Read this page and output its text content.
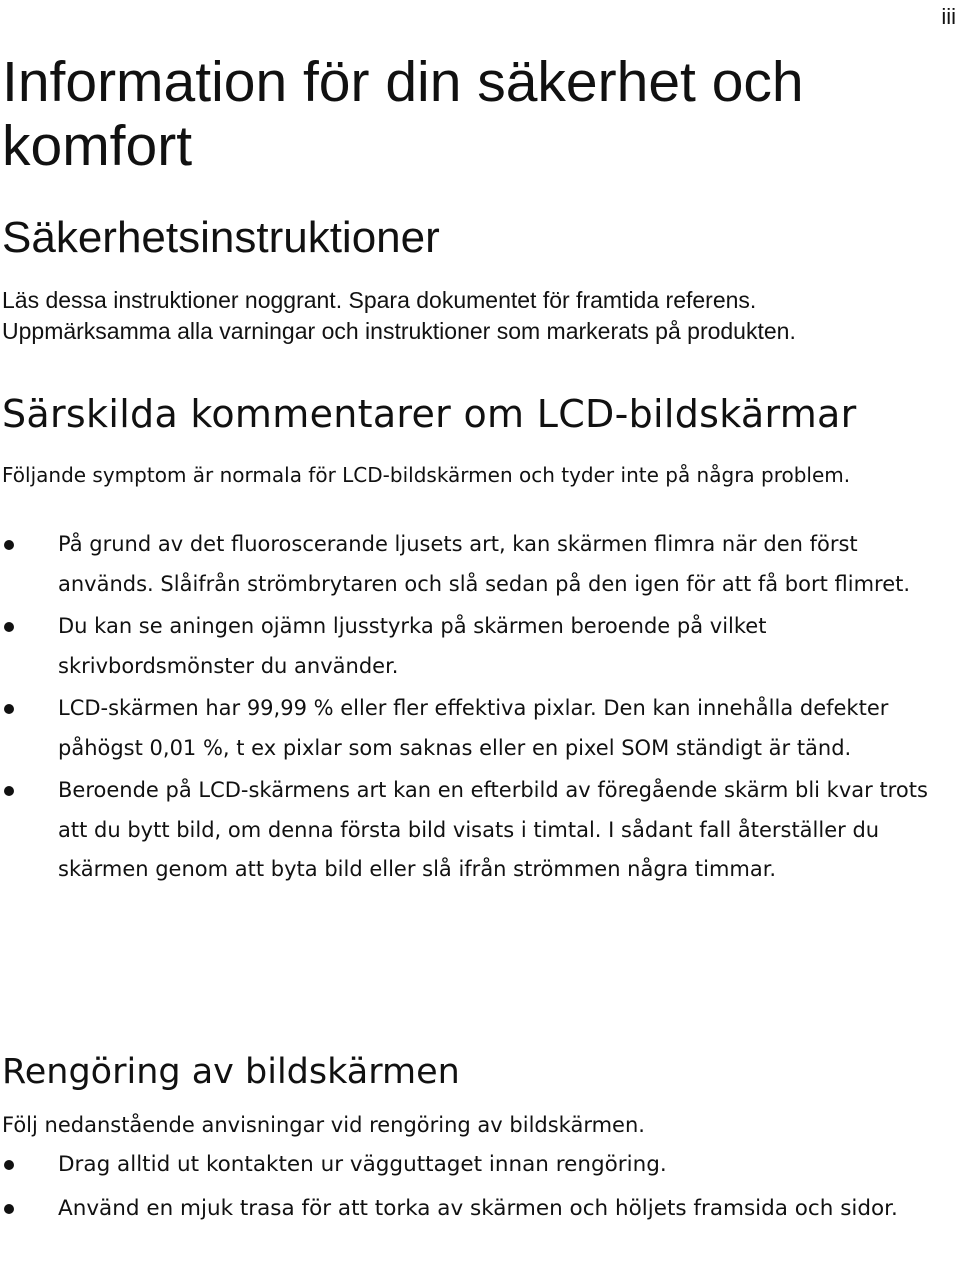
iii
Information för din säkerhet och komfort
Säkerhetsinstruktioner

Läs dessa instruktioner noggrant. Spara dokumentet för framtida referens.

Uppmärksamma alla varningar och instruktioner som markerats på produkten.

Särskilda kommentarer om LCD-bildskärmar

Följande symptom är normala för LCD-bildskärmen och tyder inte på några problem.

På grund av det fluoroscerande ljusets art, kan skärmen flimra när den först används. Slåifrån strömbrytaren och slå sedan på den igen för att få bort flimret.
Du kan se aningen ojämn ljusstyrka på skärmen beroende på vilket skrivbordsmönster du använder.
LCD-skärmen har 99,99 % eller fler effektiva pixlar. Den kan innehålla defekter påhögst 0,01 %, t ex pixlar som saknas eller en pixel SOM ständigt är tänd.
Beroende på LCD-skärmens art kan en efterbild av föregående skärm bli kvar trots att du bytt bild, om denna första bild visats i timtal. I sådant fall återställer du skärmen genom att byta bild eller slå ifrån strömmen några timmar.
Rengöring av bildskärmen

Följ nedanstående anvisningar vid rengöring av bildskärmen.

Drag alltid ut kontakten ur vägguttaget innan rengöring.
Använd en mjuk trasa för att torka av skärmen och höljets framsida och sidor.
